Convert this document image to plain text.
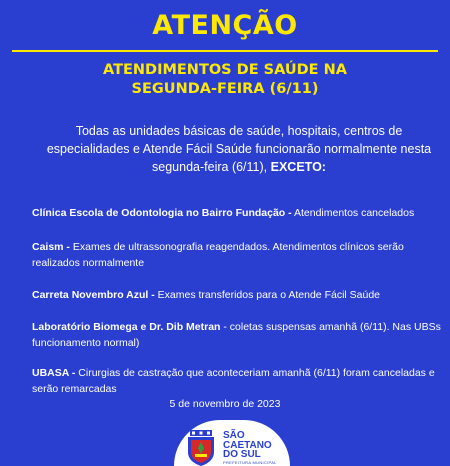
ATENÇÃO
ATENDIMENTOS DE SAÚDE NA
SEGUNDA-FEIRA (6/11)
Todas as unidades básicas de saúde, hospitais, centros de especialidades e Atende Fácil Saúde funcionarão normalmente nesta segunda-feira (6/11), EXCETO:

Clínica Escola de Odontologia no Bairro Fundação - Atendimentos cancelados

Caism - Exames de ultrassonografia reagendados. Atendimentos clínicos serão realizados normalmente

Carreta Novembro Azul - Exames transferidos para o Atende Fácil Saúde

Laboratório Biomega e Dr. Dib Metran - coletas suspensas amanhã (6/11). Nas UBSs funcionamento normal)

UBASA - Cirurgias de castração que aconteceriam amanhã (6/11) foram canceladas e serão remarcadas

5 de novembro de 2023
SÃO
CAETANO
DO SUL
PREFEITURA MUNICIPAL
